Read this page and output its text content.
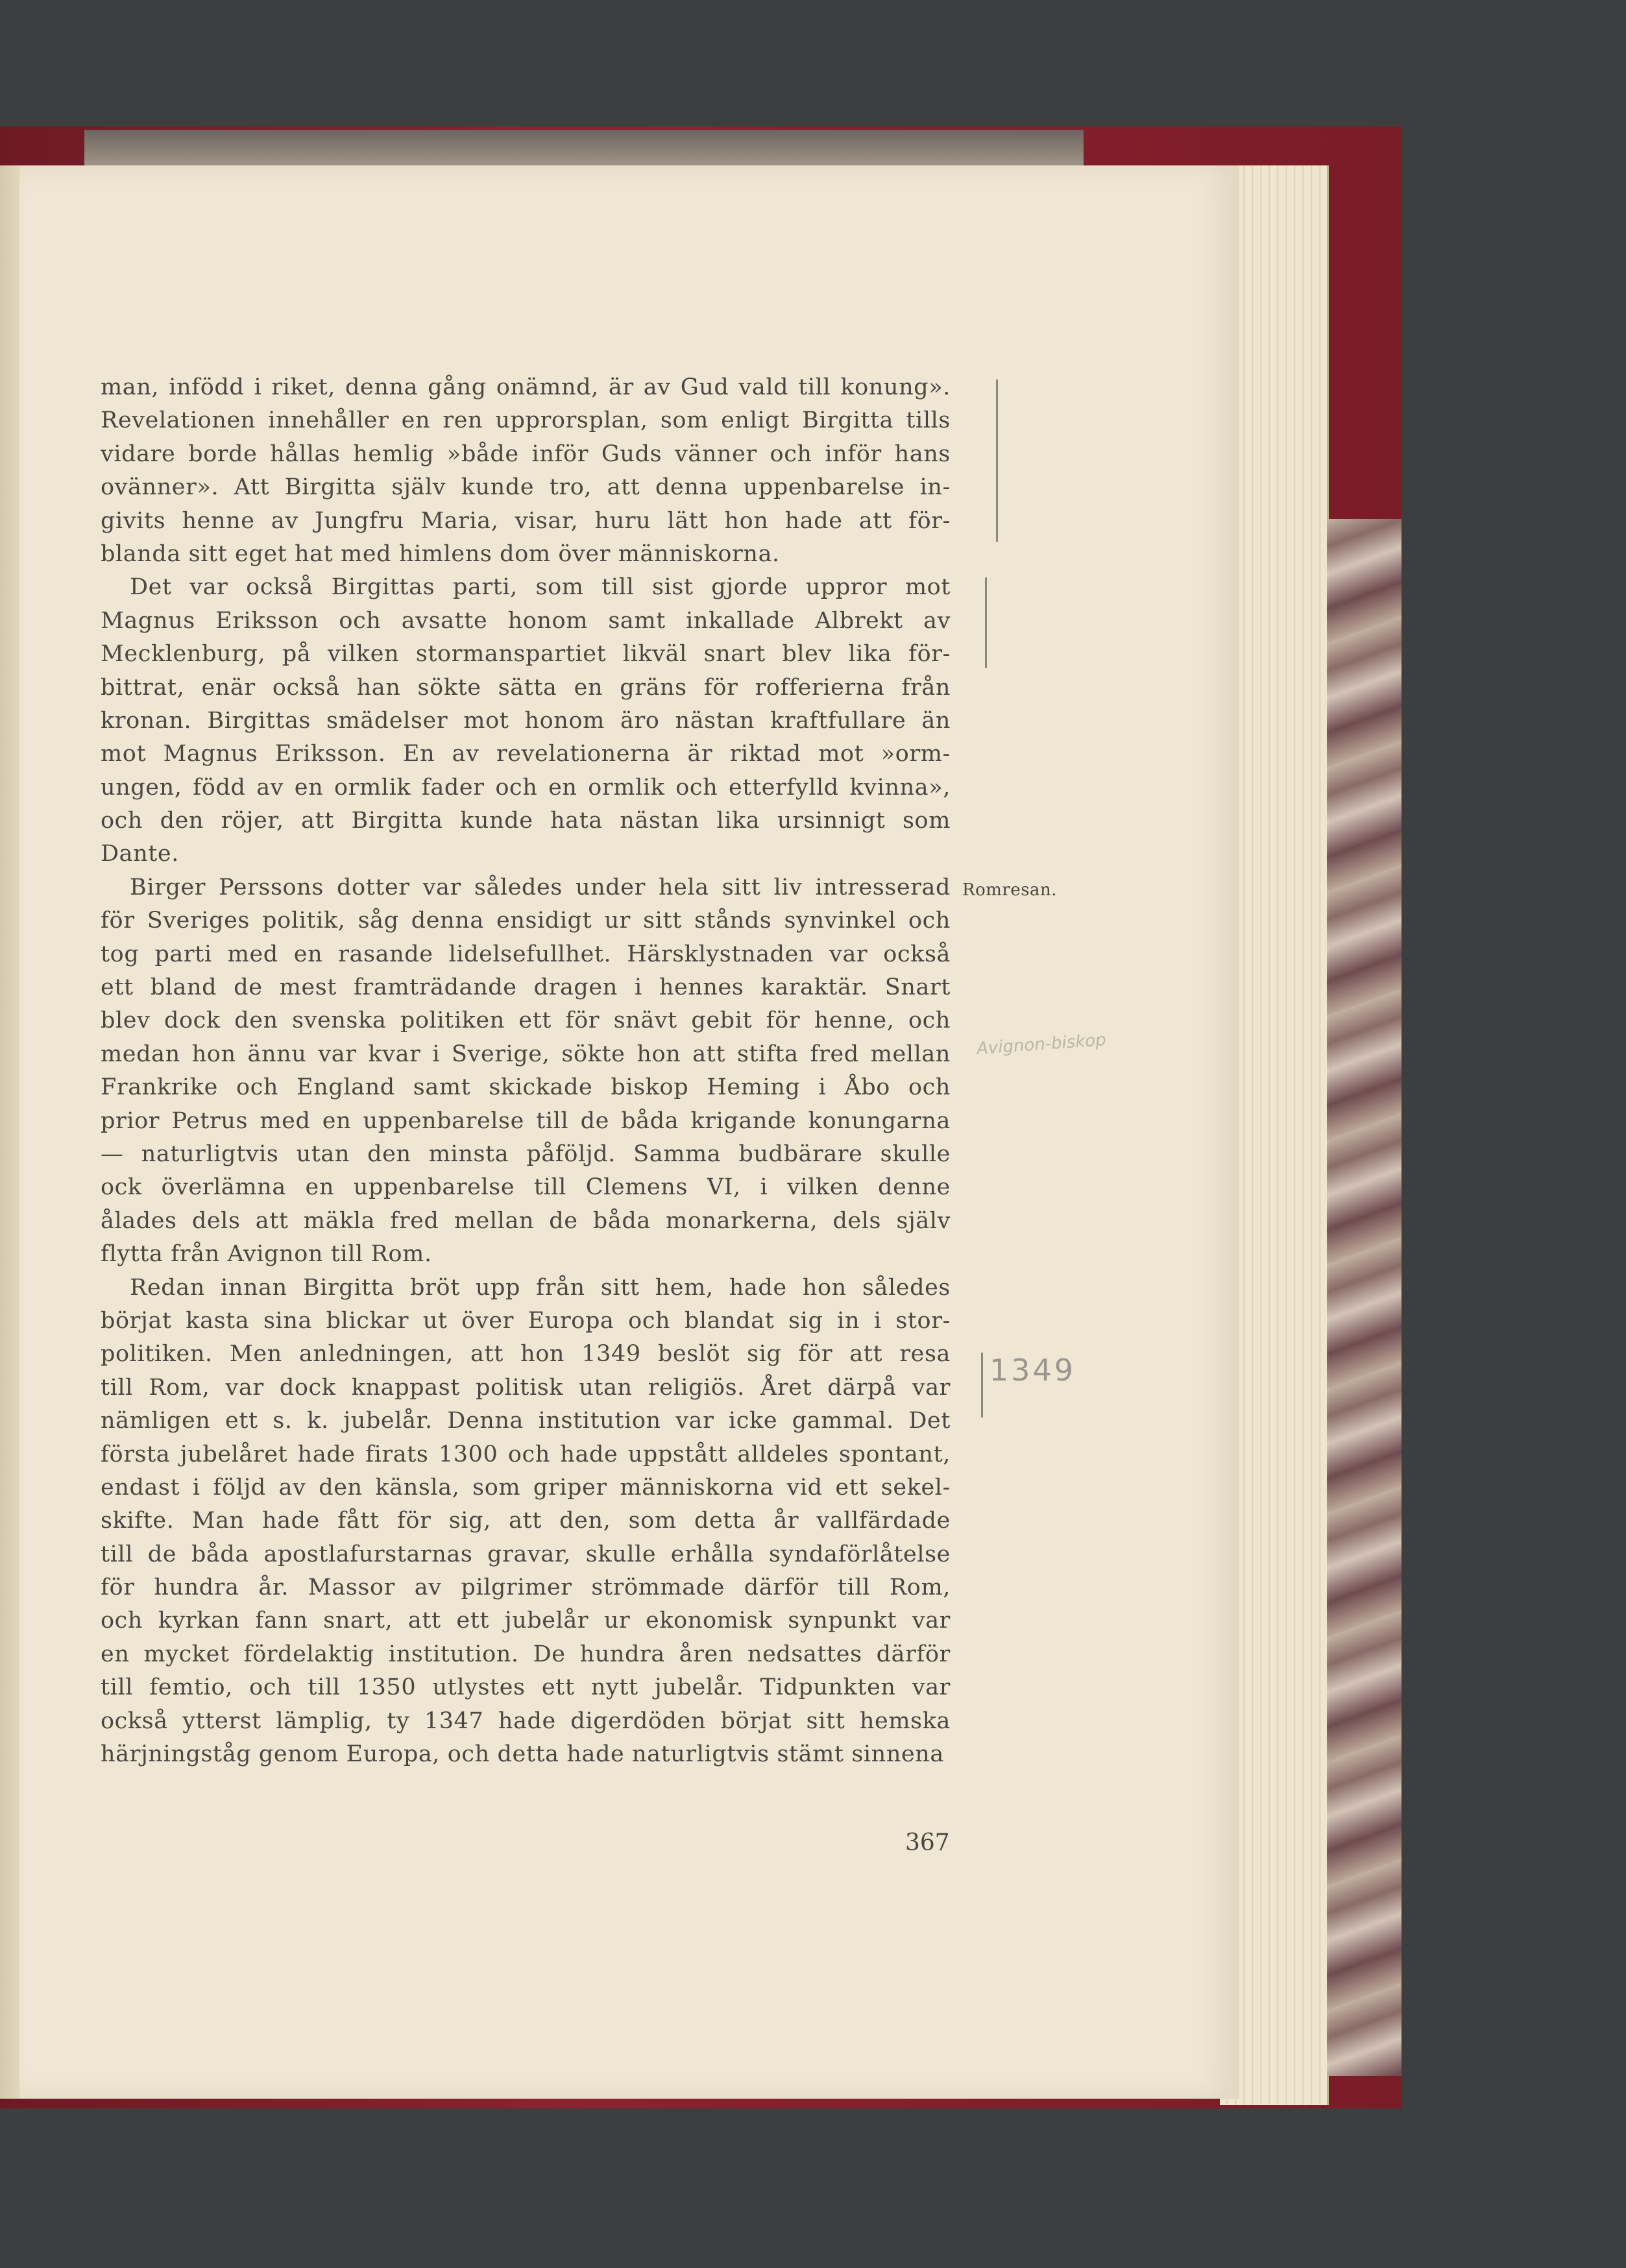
man, infödd i riket, denna gång onämnd, är av Gud vald till konung».
Revelationen innehåller en ren upprorsplan, som enligt Birgitta tills
vidare borde hållas hemlig »både inför Guds vänner och inför hans
ovänner». Att Birgitta själv kunde tro, att denna uppenbarelse in-
givits henne av Jungfru Maria, visar, huru lätt hon hade att för-
blanda sitt eget hat med himlens dom över människorna.
Det var också Birgittas parti, som till sist gjorde uppror mot
Magnus Eriksson och avsatte honom samt inkallade Albrekt av
Mecklenburg, på vilken stormanspartiet likväl snart blev lika för-
bittrat, enär också han sökte sätta en gräns för rofferierna från
kronan. Birgittas smädelser mot honom äro nästan kraftfullare än
mot Magnus Eriksson. En av revelationerna är riktad mot »orm-
ungen, född av en ormlik fader och en ormlik och etterfylld kvinna»,
och den röjer, att Birgitta kunde hata nästan lika ursinnigt som
Dante.
Birger Perssons dotter var således under hela sitt liv intresserad
för Sveriges politik, såg denna ensidigt ur sitt stånds synvinkel och
tog parti med en rasande lidelsefullhet. Härsklystnaden var också
ett bland de mest framträdande dragen i hennes karaktär. Snart
blev dock den svenska politiken ett för snävt gebit för henne, och
medan hon ännu var kvar i Sverige, sökte hon att stifta fred mellan
Frankrike och England samt skickade biskop Heming i Åbo och
prior Petrus med en uppenbarelse till de båda krigande konungarna
— naturligtvis utan den minsta påföljd. Samma budbärare skulle
ock överlämna en uppenbarelse till Clemens VI, i vilken denne
ålades dels att mäkla fred mellan de båda monarkerna, dels själv
flytta från Avignon till Rom.
Redan innan Birgitta bröt upp från sitt hem, hade hon således
börjat kasta sina blickar ut över Europa och blandat sig in i stor-
politiken. Men anledningen, att hon 1349 beslöt sig för att resa
till Rom, var dock knappast politisk utan religiös. Året därpå var
nämligen ett s. k. jubelår. Denna institution var icke gammal. Det
första jubelåret hade firats 1300 och hade uppstått alldeles spontant,
endast i följd av den känsla, som griper människorna vid ett sekel-
skifte. Man hade fått för sig, att den, som detta år vallfärdade
till de båda apostlafurstarnas gravar, skulle erhålla syndaförlåtelse
för hundra år. Massor av pilgrimer strömmade därför till Rom,
och kyrkan fann snart, att ett jubelår ur ekonomisk synpunkt var
en mycket fördelaktig institution. De hundra åren nedsattes därför
till femtio, och till 1350 utlystes ett nytt jubelår. Tidpunkten var
också ytterst lämplig, ty 1347 hade digerdöden börjat sitt hemska
härjningståg genom Europa, och detta hade naturligtvis stämt sinnena
Romresan.
367
1349
Avignon-biskop
